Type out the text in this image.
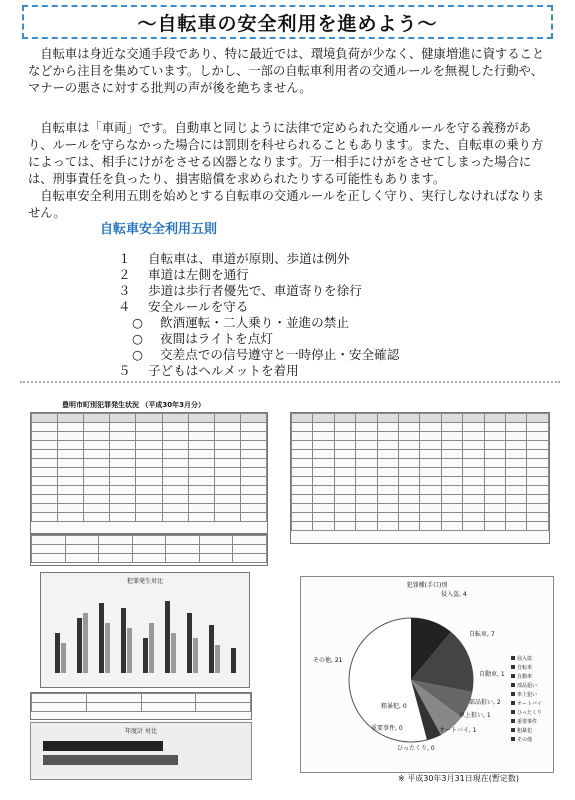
〜自転車の安全利用を進めよう〜

 自転車は身近な交通手段であり、特に最近では、環境負荷が少なく、健康増進に資することなどから注目を集めています。しかし、一部の自転車利用者の交通ルールを無視した行動や、マナーの悪さに対する批判の声が後を絶ちません。

 自転車は「車両」です。自動車と同じように法律で定められた交通ルールを守る義務があり、ルールを守らなかった場合には罰則を科せられることもあります。また、自転車の乗り方によっては、相手にけがをさせる凶器となります。万一相手にけがをさせてしまった場合には、刑事責任を負ったり、損害賠償を求められたりする可能性もあります。
 自転車安全利用五則を始めとする自転車の交通ルールを正しく守り、実行しなければなりません。

自転車安全利用五則
１ 自転車は、車道が原則、歩道は例外
２ 車道は左側を通行
３ 歩道は歩行者優先で、車道寄りを徐行
４ 安全ルールを守る
○ 飲酒運転・二人乗り・並進の禁止
○ 夜間はライトを点灯
○ 交差点での信号遵守と一時停止・安全確認
５ 子どもはヘルメットを着用
豊明市町別犯罪発生状況 （平成30年3月分）

犯罪発生対比

年度計 対比
犯罪種(手口)別
侵入盗, 4
自転車, 7
自動車, 1
部品狙い, 2
車上狙い, 1
オートバイ, 1
ひったくり, 0
重要事件, 0
粗暴犯, 0
その他, 21	侵入盗
自転車
自動車
部品狙い
車上狙い
オートバイ
ひったくり
重要事件
粗暴犯
その他
※ 平成30年3月31日現在(暫定数)
